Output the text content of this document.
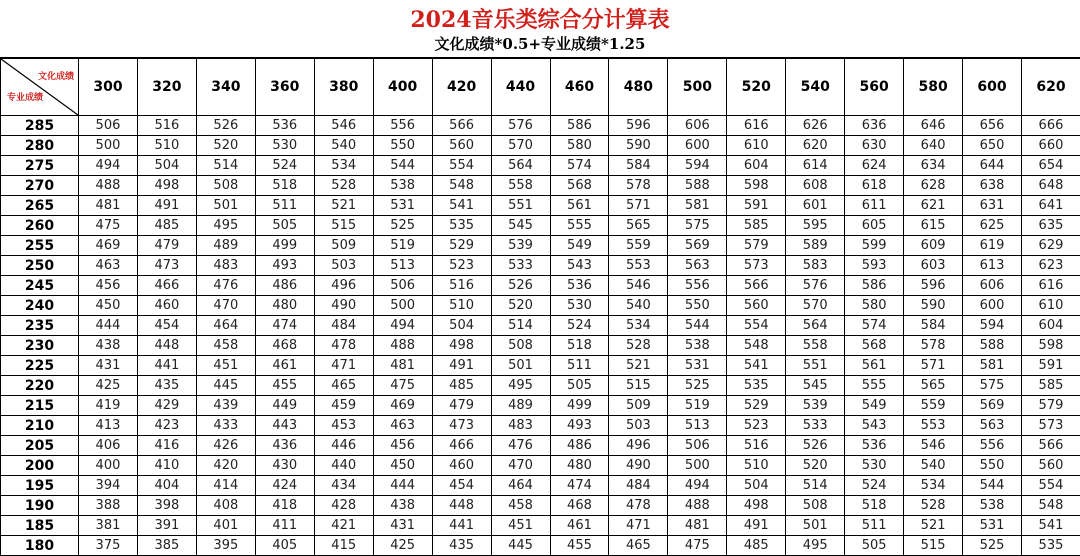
2024音乐类综合分计算表
文化成绩*0.5+专业成绩*1.25
文化成绩
专业成绩	300	320	340	360	380	400	420	440	460	480	500	520	540	560	580	600	620
285	506	516	526	536	546	556	566	576	586	596	606	616	626	636	646	656	666
280	500	510	520	530	540	550	560	570	580	590	600	610	620	630	640	650	660
275	494	504	514	524	534	544	554	564	574	584	594	604	614	624	634	644	654
270	488	498	508	518	528	538	548	558	568	578	588	598	608	618	628	638	648
265	481	491	501	511	521	531	541	551	561	571	581	591	601	611	621	631	641
260	475	485	495	505	515	525	535	545	555	565	575	585	595	605	615	625	635
255	469	479	489	499	509	519	529	539	549	559	569	579	589	599	609	619	629
250	463	473	483	493	503	513	523	533	543	553	563	573	583	593	603	613	623
245	456	466	476	486	496	506	516	526	536	546	556	566	576	586	596	606	616
240	450	460	470	480	490	500	510	520	530	540	550	560	570	580	590	600	610
235	444	454	464	474	484	494	504	514	524	534	544	554	564	574	584	594	604
230	438	448	458	468	478	488	498	508	518	528	538	548	558	568	578	588	598
225	431	441	451	461	471	481	491	501	511	521	531	541	551	561	571	581	591
220	425	435	445	455	465	475	485	495	505	515	525	535	545	555	565	575	585
215	419	429	439	449	459	469	479	489	499	509	519	529	539	549	559	569	579
210	413	423	433	443	453	463	473	483	493	503	513	523	533	543	553	563	573
205	406	416	426	436	446	456	466	476	486	496	506	516	526	536	546	556	566
200	400	410	420	430	440	450	460	470	480	490	500	510	520	530	540	550	560
195	394	404	414	424	434	444	454	464	474	484	494	504	514	524	534	544	554
190	388	398	408	418	428	438	448	458	468	478	488	498	508	518	528	538	548
185	381	391	401	411	421	431	441	451	461	471	481	491	501	511	521	531	541
180	375	385	395	405	415	425	435	445	455	465	475	485	495	505	515	525	535
